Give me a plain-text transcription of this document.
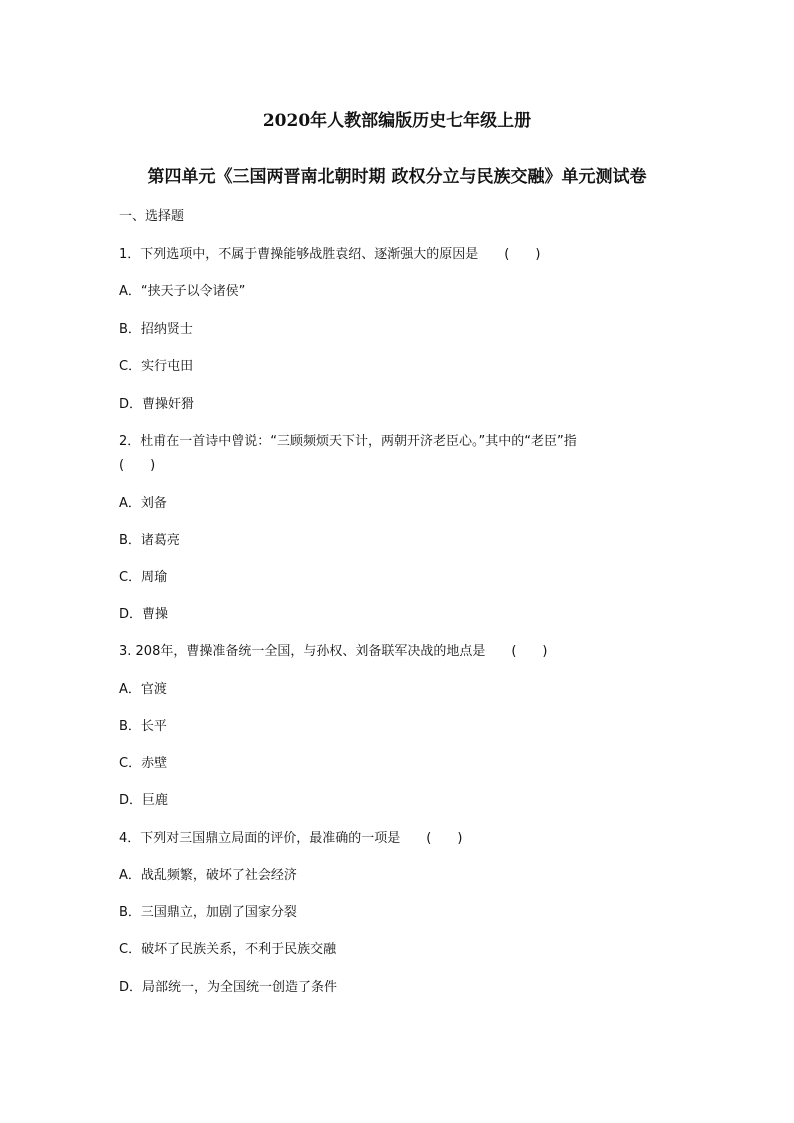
2020年人教部编版历史七年级上册
第四单元《三国两晋南北朝时期 政权分立与民族交融》单元测试卷
一、选择题
1．下列选项中，不属于曹操能够战胜袁绍、逐渐强大的原因是 (　　)
A．“挟天子以令诸侯”
B．招纳贤士
C．实行屯田
D．曹操奸猾
2．杜甫在一首诗中曾说：“三顾频烦天下计，两朝开济老臣心。”其中的“老臣”指
(　　)
A．刘备
B．诸葛亮
C．周瑜
D．曹操
3. 208年，曹操准备统一全国，与孙权、刘备联军决战的地点是 (　　)
A．官渡
B．长平
C．赤壁
D．巨鹿
4．下列对三国鼎立局面的评价，最准确的一项是 (　　)
A．战乱频繁，破坏了社会经济
B．三国鼎立，加剧了国家分裂
C．破坏了民族关系，不利于民族交融
D．局部统一，为全国统一创造了条件
